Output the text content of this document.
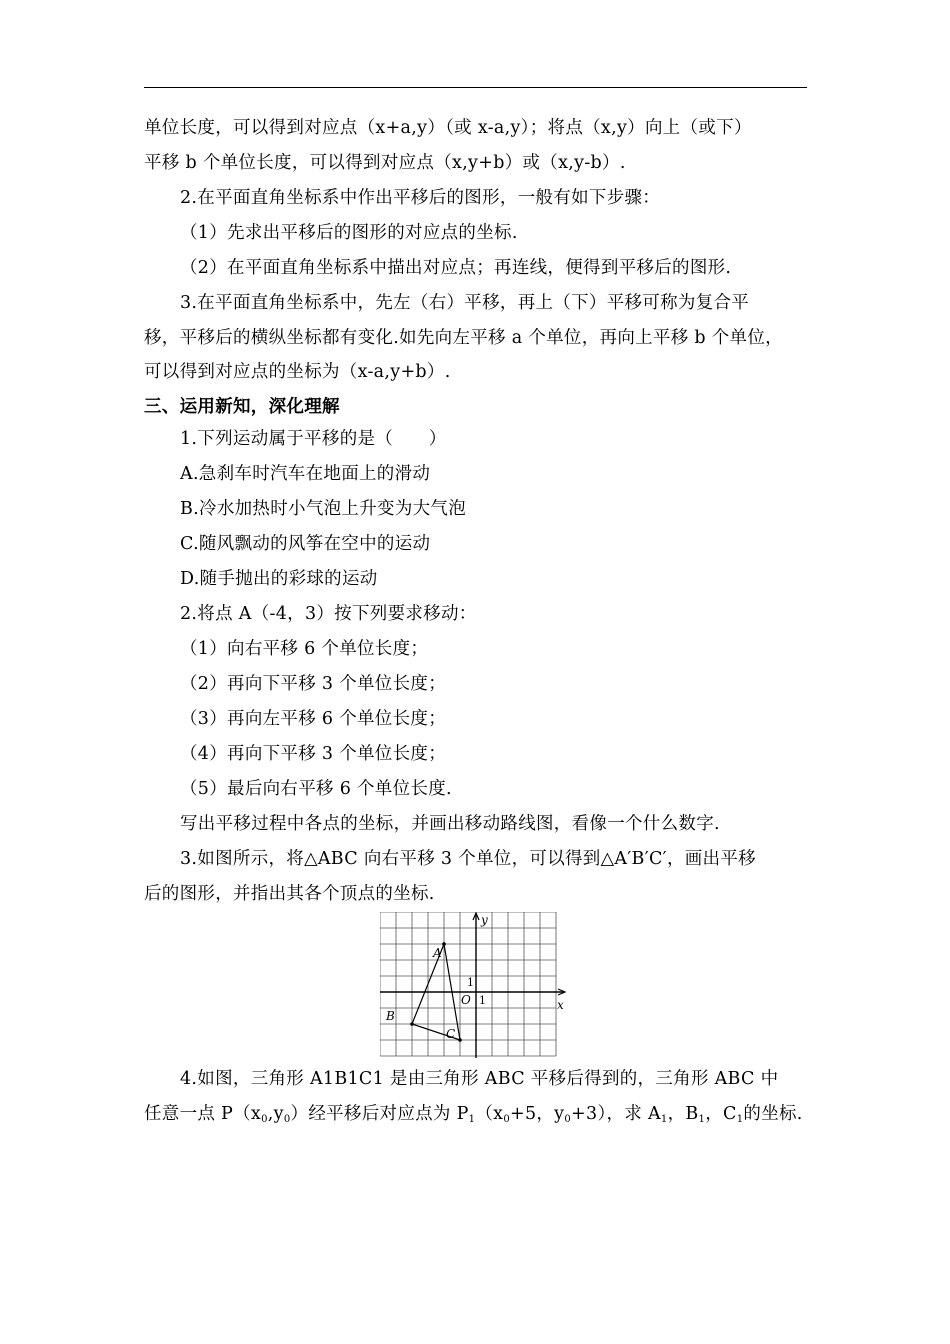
单位长度，可以得到对应点（x+a,y）（或 x-a,y）；将点（x,y）向上（或下）
平移 b 个单位长度，可以得到对应点（x,y+b）或（x,y-b）.
2.在平面直角坐标系中作出平移后的图形，一般有如下步骤：
（1）先求出平移后的图形的对应点的坐标.
（2）在平面直角坐标系中描出对应点；再连线，便得到平移后的图形.
3.在平面直角坐标系中，先左（右）平移，再上（下）平移可称为复合平
移，平移后的横纵坐标都有变化.如先向左平移 a 个单位，再向上平移 b 个单位，
可以得到对应点的坐标为（x-a,y+b）.
三、运用新知，深化理解
1.下列运动属于平移的是（　　）
A.急刹车时汽车在地面上的滑动
B.冷水加热时小气泡上升变为大气泡
C.随风飘动的风筝在空中的运动
D.随手抛出的彩球的运动
2.将点 A（-4，3）按下列要求移动：
（1）向右平移 6 个单位长度；
（2）再向下平移 3 个单位长度；
（3）再向左平移 6 个单位长度；
（4）再向下平移 3 个单位长度；
（5）最后向右平移 6 个单位长度.
写出平移过程中各点的坐标，并画出移动路线图，看像一个什么数字.
3.如图所示，将△ABC 向右平移 3 个单位，可以得到△A′B′C′，画出平移
后的图形，并指出其各个顶点的坐标.
A
B
C
O	x
y
1
1
4.如图，三角形 A1B1C1 是由三角形 ABC 平移后得到的，三角形 ABC 中
任意一点 $P(x_0,y_0)$经平移后对应点为 $P_1(x_0+5$，$y_0+3$），求 $A_1$，$B_1$，$C_1$的坐标.
